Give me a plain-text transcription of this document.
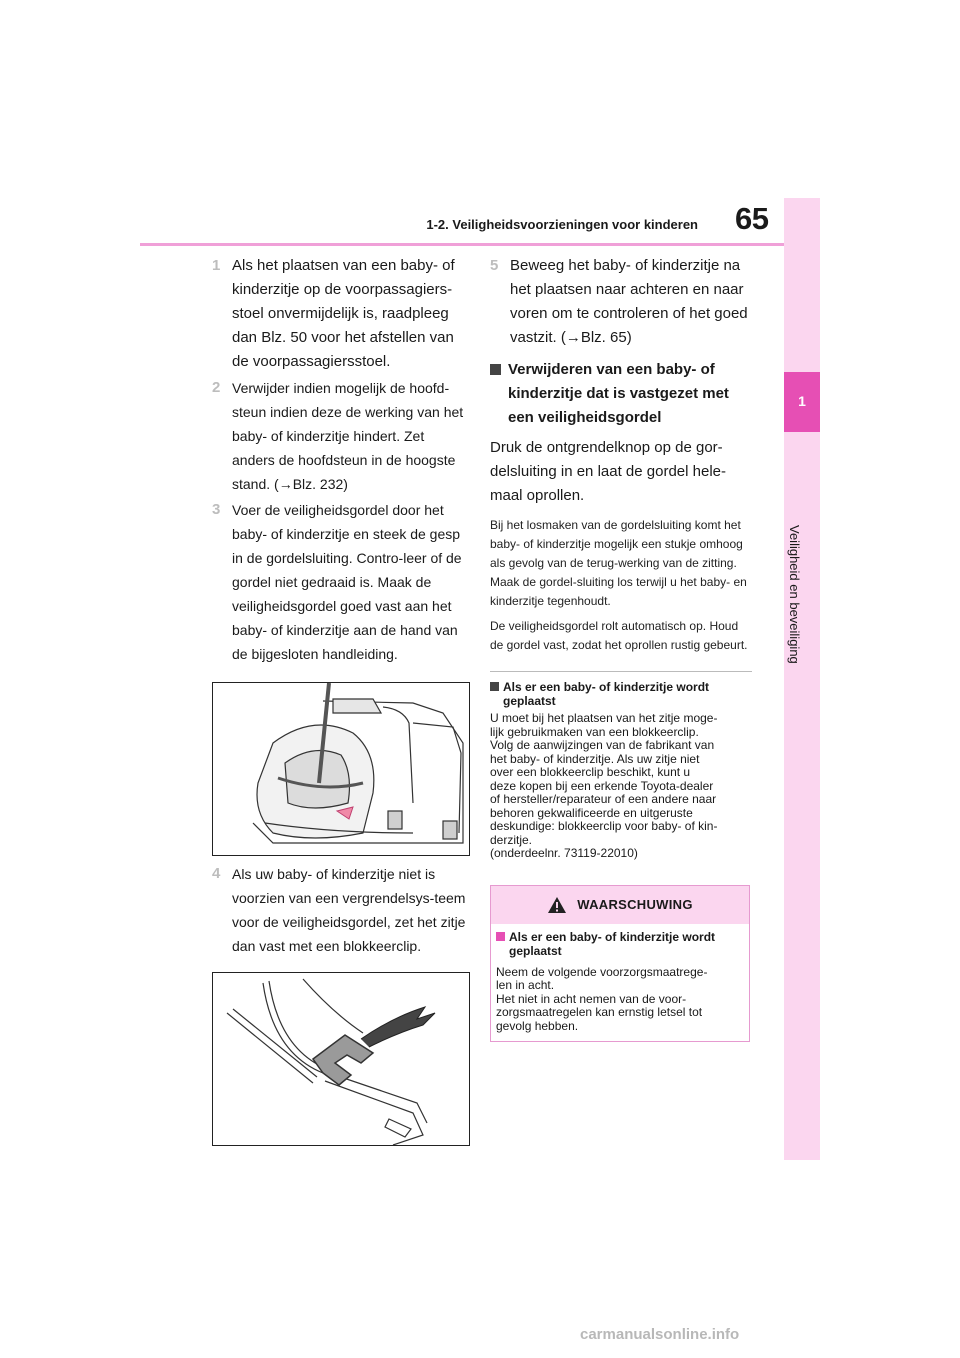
1-2. Veiligheidsvoorzieningen voor kinderen 65
1
Veiligheid en beveiliging
1 Als het plaatsen van een baby- of kinderzitje op de voorpassagiers-stoel onvermijdelijk is, raadpleeg dan Blz. 50 voor het afstellen van de voorpassagiersstoel.
2 Verwijder indien mogelijk de hoofd-steun indien deze de werking van het baby- of kinderzitje hindert. Zet anders de hoofdsteun in de hoogste stand. (→Blz. 232)
3 Voer de veiligheidsgordel door het baby- of kinderzitje en steek de gesp in de gordelsluiting. Contro-leer of de gordel niet gedraaid is. Maak de veiligheidsgordel goed vast aan het baby- of kinderzitje aan de hand van de bijgesloten handleiding.
4 Als uw baby- of kinderzitje niet is voorzien van een vergrendelsys-teem voor de veiligheidsgordel, zet het zitje dan vast met een blokkeerclip.
5 Beweeg het baby- of kinderzitje na het plaatsen naar achteren en naar voren om te controleren of het goed vastzit. (→Blz. 65)
Verwijderen van een baby- of kinderzitje dat is vastgezet met een veiligheidsgordel
Druk de ontgrendelknop op de gor-delsluiting in en laat de gordel hele-maal oprollen.
Bij het losmaken van de gordelsluiting komt het baby- of kinderzitje mogelijk een stukje omhoog als gevolg van de terug-werking van de zitting. Maak de gordel-sluiting los terwijl u het baby- en kinderzitje tegenhoudt.
De veiligheidsgordel rolt automatisch op. Houd de gordel vast, zodat het oprollen rustig gebeurt.
Als er een baby- of kinderzitje wordt geplaatst
U moet bij het plaatsen van het zitje moge-
lijk gebruikmaken van een blokkeerclip.
Volg de aanwijzingen van de fabrikant van
het baby- of kinderzitje. Als uw zitje niet
over een blokkeerclip beschikt, kunt u
deze kopen bij een erkende Toyota-dealer
of hersteller/reparateur of een andere naar
behoren gekwalificeerde en uitgeruste
deskundige: blokkeerclip voor baby- of kin-
derzitje.
(onderdeelnr. 73119-22010)
WAARSCHUWING
Als er een baby- of kinderzitje wordt geplaatst
Neem de volgende voorzorgsmaatrege-
len in acht.
Het niet in acht nemen van de voor-
zorgsmaatregelen kan ernstig letsel tot
gevolg hebben.
carmanualsonline.info
